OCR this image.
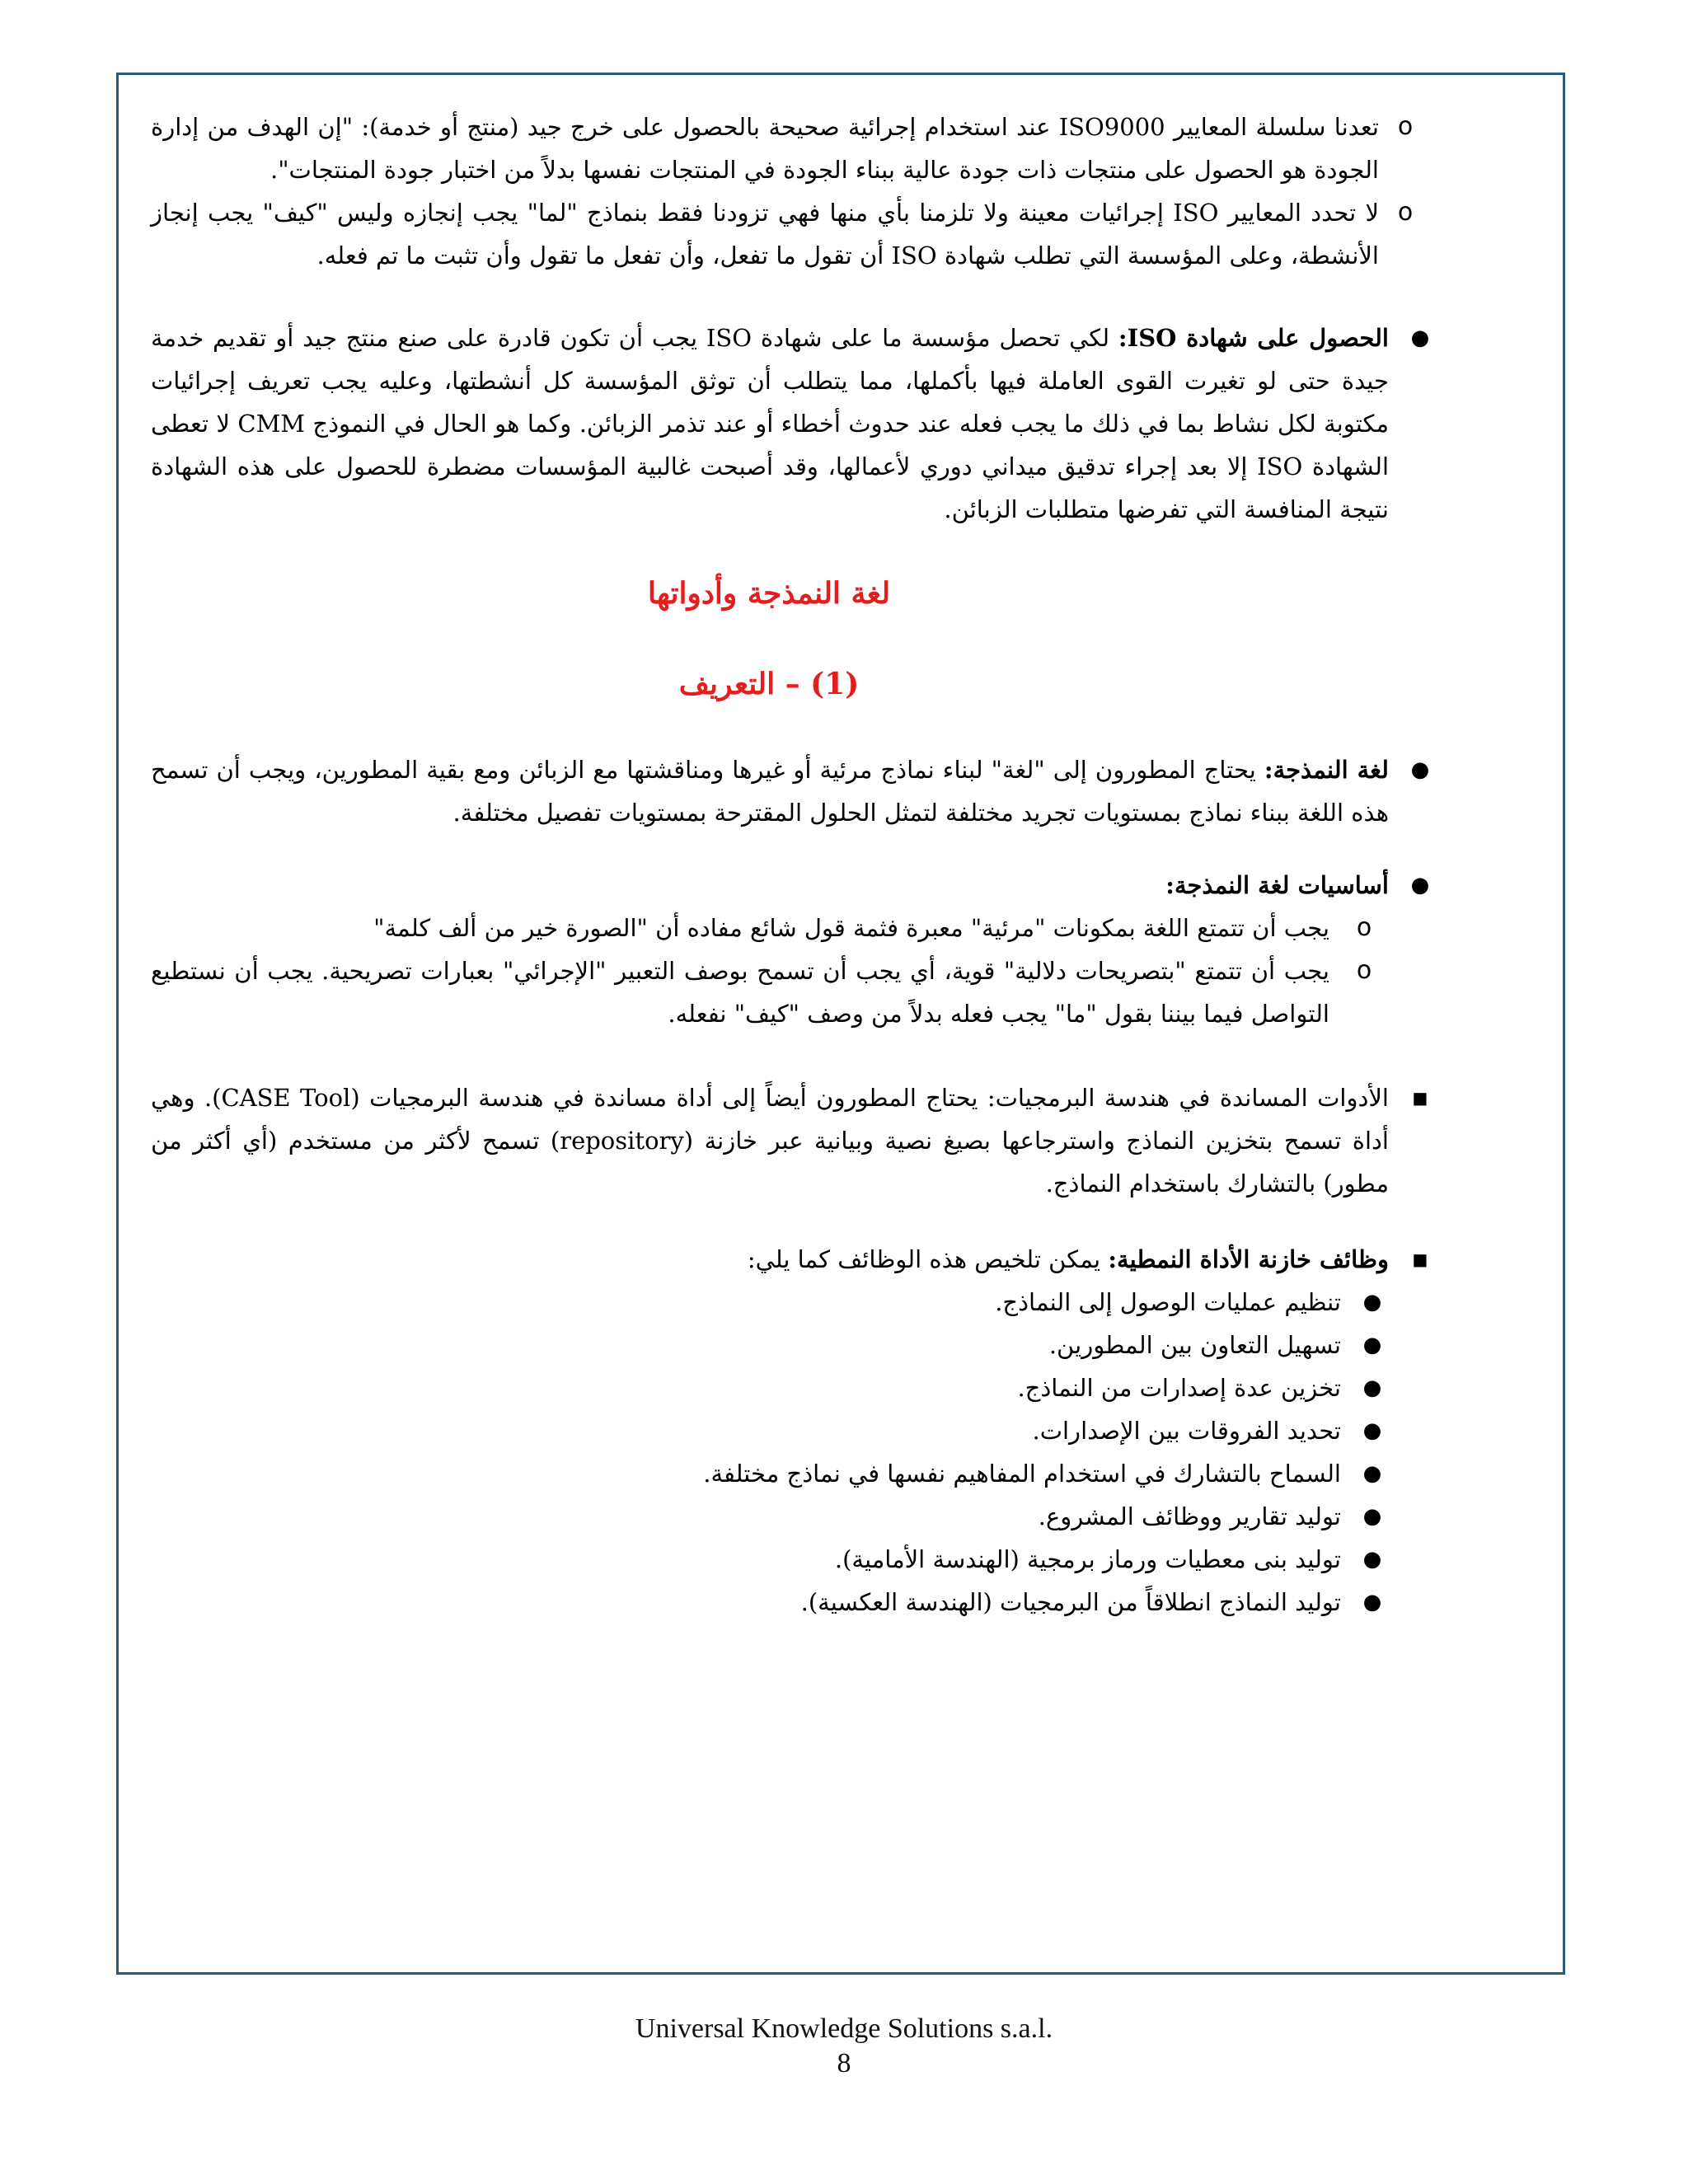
o
تعدنا سلسلة المعايير ISO9000 عند استخدام إجرائية صحيحة بالحصول على خرج جيد (منتج أو خدمة): "إن الهدف من إدارة الجودة هو الحصول على منتجات ذات جودة عالية ببناء الجودة في المنتجات نفسها بدلاً من اختبار جودة المنتجات".
o
لا تحدد المعايير ISO إجرائيات معينة ولا تلزمنا بأي منها فهي تزودنا فقط بنماذج "لما" يجب إنجازه وليس "كيف" يجب إنجاز الأنشطة، وعلى المؤسسة التي تطلب شهادة ISO أن تقول ما تفعل، وأن تفعل ما تقول وأن تثبت ما تم فعله.
●
الحصول على شهادة ISO: لكي تحصل مؤسسة ما على شهادة ISO يجب أن تكون قادرة على صنع منتج جيد أو تقديم خدمة جيدة حتى لو تغيرت القوى العاملة فيها بأكملها، مما يتطلب أن توثق المؤسسة كل أنشطتها، وعليه يجب تعريف إجرائيات مكتوبة لكل نشاط بما في ذلك ما يجب فعله عند حدوث أخطاء أو عند تذمر الزبائن. وكما هو الحال في النموذج CMM لا تعطى الشهادة ISO إلا بعد إجراء تدقيق ميداني دوري لأعمالها، وقد أصبحت غالبية المؤسسات مضطرة للحصول على هذه الشهادة نتيجة المنافسة التي تفرضها متطلبات الزبائن.
لغة النمذجة وأدواتها
(1) – التعريف
●
لغة النمذجة: يحتاج المطورون إلى "لغة" لبناء نماذج مرئية أو غيرها ومناقشتها مع الزبائن ومع بقية المطورين، ويجب أن تسمح هذه اللغة ببناء نماذج بمستويات تجريد مختلفة لتمثل الحلول المقترحة بمستويات تفصيل مختلفة.
●
أساسيات لغة النمذجة:
o
يجب أن تتمتع اللغة بمكونات "مرئية" معبرة فثمة قول شائع مفاده أن "الصورة خير من ألف كلمة"
o
يجب أن تتمتع "بتصريحات دلالية" قوية، أي يجب أن تسمح بوصف التعبير "الإجرائي" بعبارات تصريحية. يجب أن نستطيع التواصل فيما بيننا بقول "ما" يجب فعله بدلاً من وصف "كيف" نفعله.
■
الأدوات المساندة في هندسة البرمجيات: يحتاج المطورون أيضاً إلى أداة مساندة في هندسة البرمجيات (CASE Tool). وهي أداة تسمح بتخزين النماذج واسترجاعها بصيغ نصية وبيانية عبر خازنة (repository) تسمح لأكثر من مستخدم (أي أكثر من مطور) بالتشارك باستخدام النماذج.
■
وظائف خازنة الأداة النمطية: يمكن تلخيص هذه الوظائف كما يلي:
●
تنظيم عمليات الوصول إلى النماذج.
●
تسهيل التعاون بين المطورين.
●
تخزين عدة إصدارات من النماذج.
●
تحديد الفروقات بين الإصدارات.
●
السماح بالتشارك في استخدام المفاهيم نفسها في نماذج مختلفة.
●
توليد تقارير ووظائف المشروع.
●
توليد بنى معطيات ورماز برمجية (الهندسة الأمامية).
●
توليد النماذج انطلاقاً من البرمجيات (الهندسة العكسية).
Universal Knowledge Solutions s.a.l.
8
